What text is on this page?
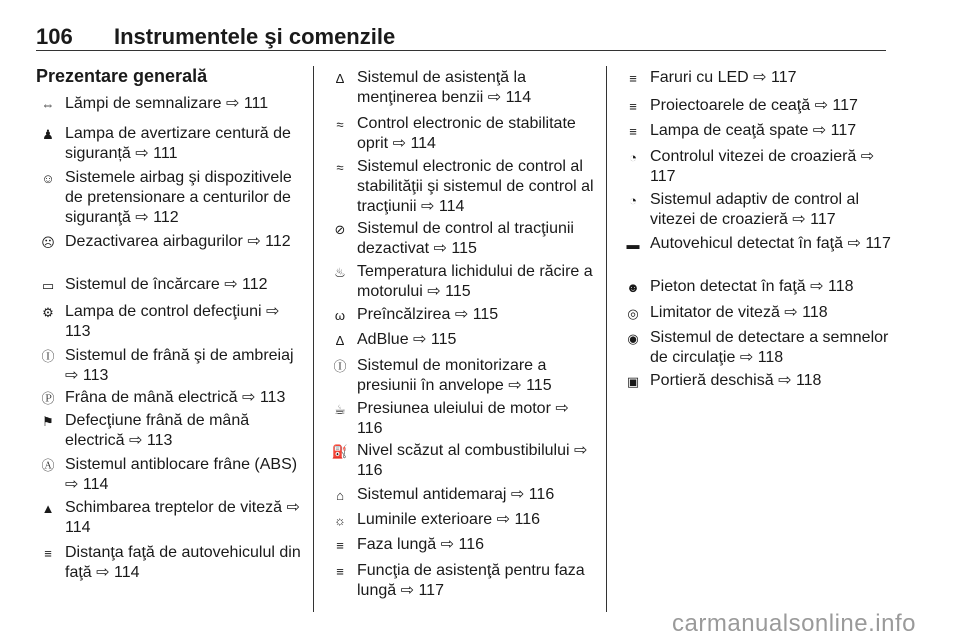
106 Instrumentele şi comenzile
Prezentare generală
⇔ Lămpi de semnalizare ⇨ 111
♟ Lampa de avertizare centură de siguranță ⇨ 111
☺ Sistemele airbag şi dispozitivele de pretensionare a centurilor de siguranţă ⇨ 112
☹ Dezactivarea airbagurilor ⇨ 112
▭ Sistemul de încărcare ⇨ 112
⚙ Lampa de control defecţiuni ⇨ 113
Ⓘ Sistemul de frână şi de ambreiaj ⇨ 113
Ⓟ Frâna de mână electrică ⇨ 113
⚑ Defecţiune frână de mână electrică ⇨ 113
Ⓐ Sistemul antiblocare frâne (ABS) ⇨ 114
▲ Schimbarea treptelor de viteză ⇨ 114
≡ Distanţa faţă de autovehiculul din faţă ⇨ 114
∆ Sistemul de asistenţă la menţinerea benzii ⇨ 114
≈ Control electronic de stabilitate oprit ⇨ 114
≈ Sistemul electronic de control al stabilităţii şi sistemul de control al tracţiunii ⇨ 114
⊘ Sistemul de control al tracţiunii dezactivat ⇨ 115
♨ Temperatura lichidului de răcire a motorului ⇨ 115
ω Preîncălzirea ⇨ 115
∆ AdBlue ⇨ 115
Ⓘ Sistemul de monitorizare a presiunii în anvelope ⇨ 115
☕ Presiunea uleiului de motor ⇨ 116
⛽ Nivel scăzut al combustibilului ⇨ 116
⌂ Sistemul antidemaraj ⇨ 116
☼ Luminile exterioare ⇨ 116
≡ Faza lungă ⇨ 116
≡ Funcţia de asistenţă pentru faza lungă ⇨ 117
≡ Faruri cu LED ⇨ 117
≡ Proiectoarele de ceaţă ⇨ 117
≡ Lampa de ceaţă spate ⇨ 117
◔ Controlul vitezei de croazieră ⇨ 117
◔ Sistemul adaptiv de control al vitezei de croazieră ⇨ 117
▬ Autovehicul detectat în faţă ⇨ 117
☻ Pieton detectat în faţă ⇨ 118
◎ Limitator de viteză ⇨ 118
◉ Sistemul de detectare a semnelor de circulaţie ⇨ 118
▣ Portieră deschisă ⇨ 118
carmanualsonline.info
